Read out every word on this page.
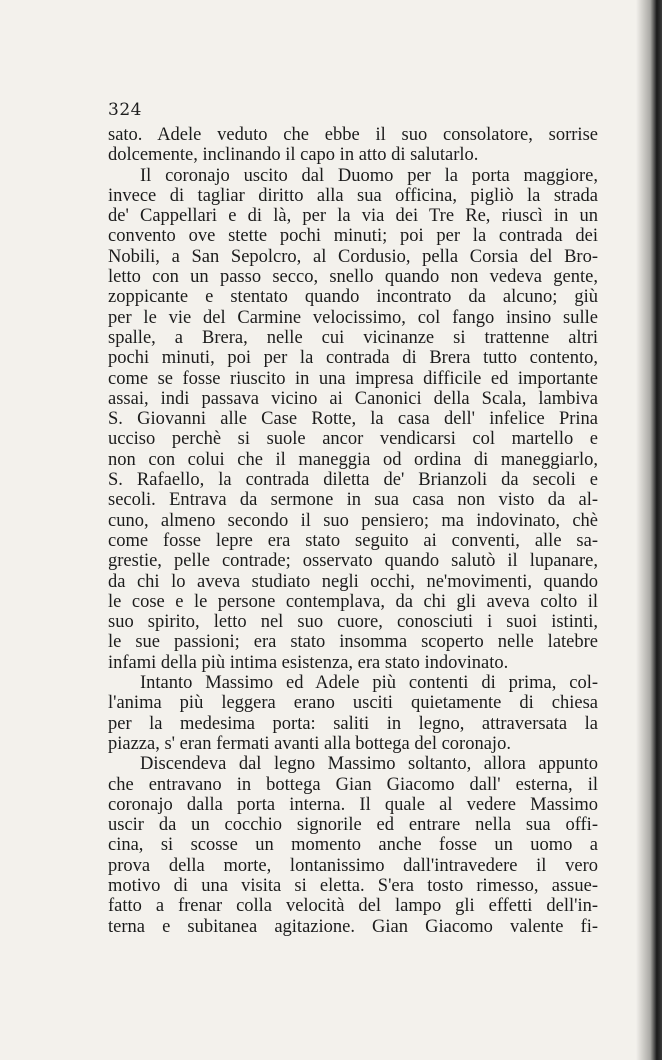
324
sato. Adele veduto che ebbe il suo consolatore, sorrise
dolcemente, inclinando il capo in atto di salutarlo.
Il coronajo uscito dal Duomo per la porta maggiore,
invece di tagliar diritto alla sua officina, pigliò la strada
de' Cappellari e di là, per la via dei Tre Re, riuscì in un
convento ove stette pochi minuti; poi per la contrada dei
Nobili, a San Sepolcro, al Cordusio, pella Corsia del Bro-
letto con un passo secco, snello quando non vedeva gente,
zoppicante e stentato quando incontrato da alcuno; giù
per le vie del Carmine velocissimo, col fango insino sulle
spalle, a Brera, nelle cui vicinanze si trattenne altri
pochi minuti, poi per la contrada di Brera tutto contento,
come se fosse riuscito in una impresa difficile ed importante
assai, indi passava vicino ai Canonici della Scala, lambiva
S. Giovanni alle Case Rotte, la casa dell' infelice Prina
ucciso perchè si suole ancor vendicarsi col martello e
non con colui che il maneggia od ordina di maneggiarlo,
S. Rafaello, la contrada diletta de' Brianzoli da secoli e
secoli. Entrava da sermone in sua casa non visto da al-
cuno, almeno secondo il suo pensiero; ma indovinato, chè
come fosse lepre era stato seguito ai conventi, alle sa-
grestie, pelle contrade; osservato quando salutò il lupanare,
da chi lo aveva studiato negli occhi, ne'movimenti, quando
le cose e le persone contemplava, da chi gli aveva colto il
suo spirito, letto nel suo cuore, conosciuti i suoi istinti,
le sue passioni; era stato insomma scoperto nelle latebre
infami della più intima esistenza, era stato indovinato.
Intanto Massimo ed Adele più contenti di prima, col-
l'anima più leggera erano usciti quietamente di chiesa
per la medesima porta: saliti in legno, attraversata la
piazza, s' eran fermati avanti alla bottega del coronajo.
Discendeva dal legno Massimo soltanto, allora appunto
che entravano in bottega Gian Giacomo dall' esterna, il
coronajo dalla porta interna. Il quale al vedere Massimo
uscir da un cocchio signorile ed entrare nella sua offi-
cina, si scosse un momento anche fosse un uomo a
prova della morte, lontanissimo dall'intravedere il vero
motivo di una visita si eletta. S'era tosto rimesso, assue-
fatto a frenar colla velocità del lampo gli effetti dell'in-
terna e subitanea agitazione. Gian Giacomo valente fi-
